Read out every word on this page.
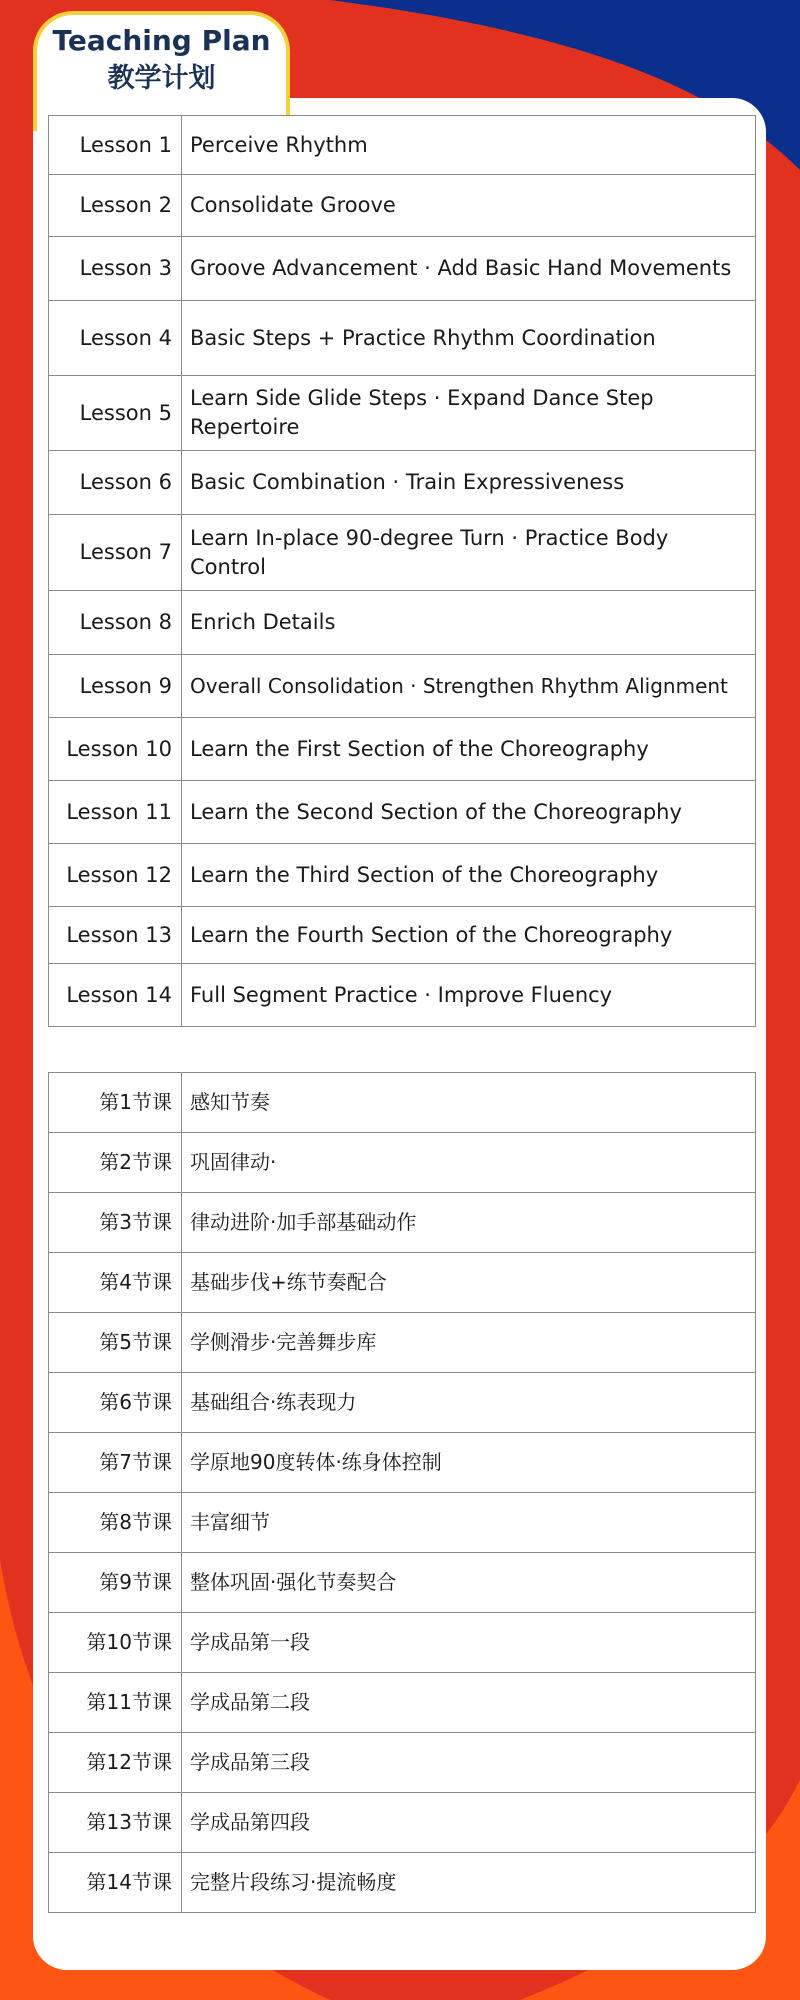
Teaching Plan
教学计划
Lesson 1	Perceive Rhythm
Lesson 2	Consolidate Groove
Lesson 3	Groove Advancement · Add Basic Hand Movements
Lesson 4	Basic Steps + Practice Rhythm Coordination
Lesson 5	Learn Side Glide Steps · Expand Dance Step Repertoire
Lesson 6	Basic Combination · Train Expressiveness
Lesson 7	Learn In-place 90-degree Turn · Practice Body Control
Lesson 8	Enrich Details
Lesson 9	Overall Consolidation · Strengthen Rhythm Alignment
Lesson 10	Learn the First Section of the Choreography
Lesson 11	Learn the Second Section of the Choreography
Lesson 12	Learn the Third Section of the Choreography
Lesson 13	Learn the Fourth Section of the Choreography
Lesson 14	Full Segment Practice · Improve Fluency
第1节课	感知节奏
第2节课	巩固律动·
第3节课	律动进阶·加手部基础动作
第4节课	基础步伐+练节奏配合
第5节课	学侧滑步·完善舞步库
第6节课	基础组合·练表现力
第7节课	学原地90度转体·练身体控制
第8节课	丰富细节
第9节课	整体巩固·强化节奏契合
第10节课	学成品第一段
第11节课	学成品第二段
第12节课	学成品第三段
第13节课	学成品第四段
第14节课	完整片段练习·提流畅度
